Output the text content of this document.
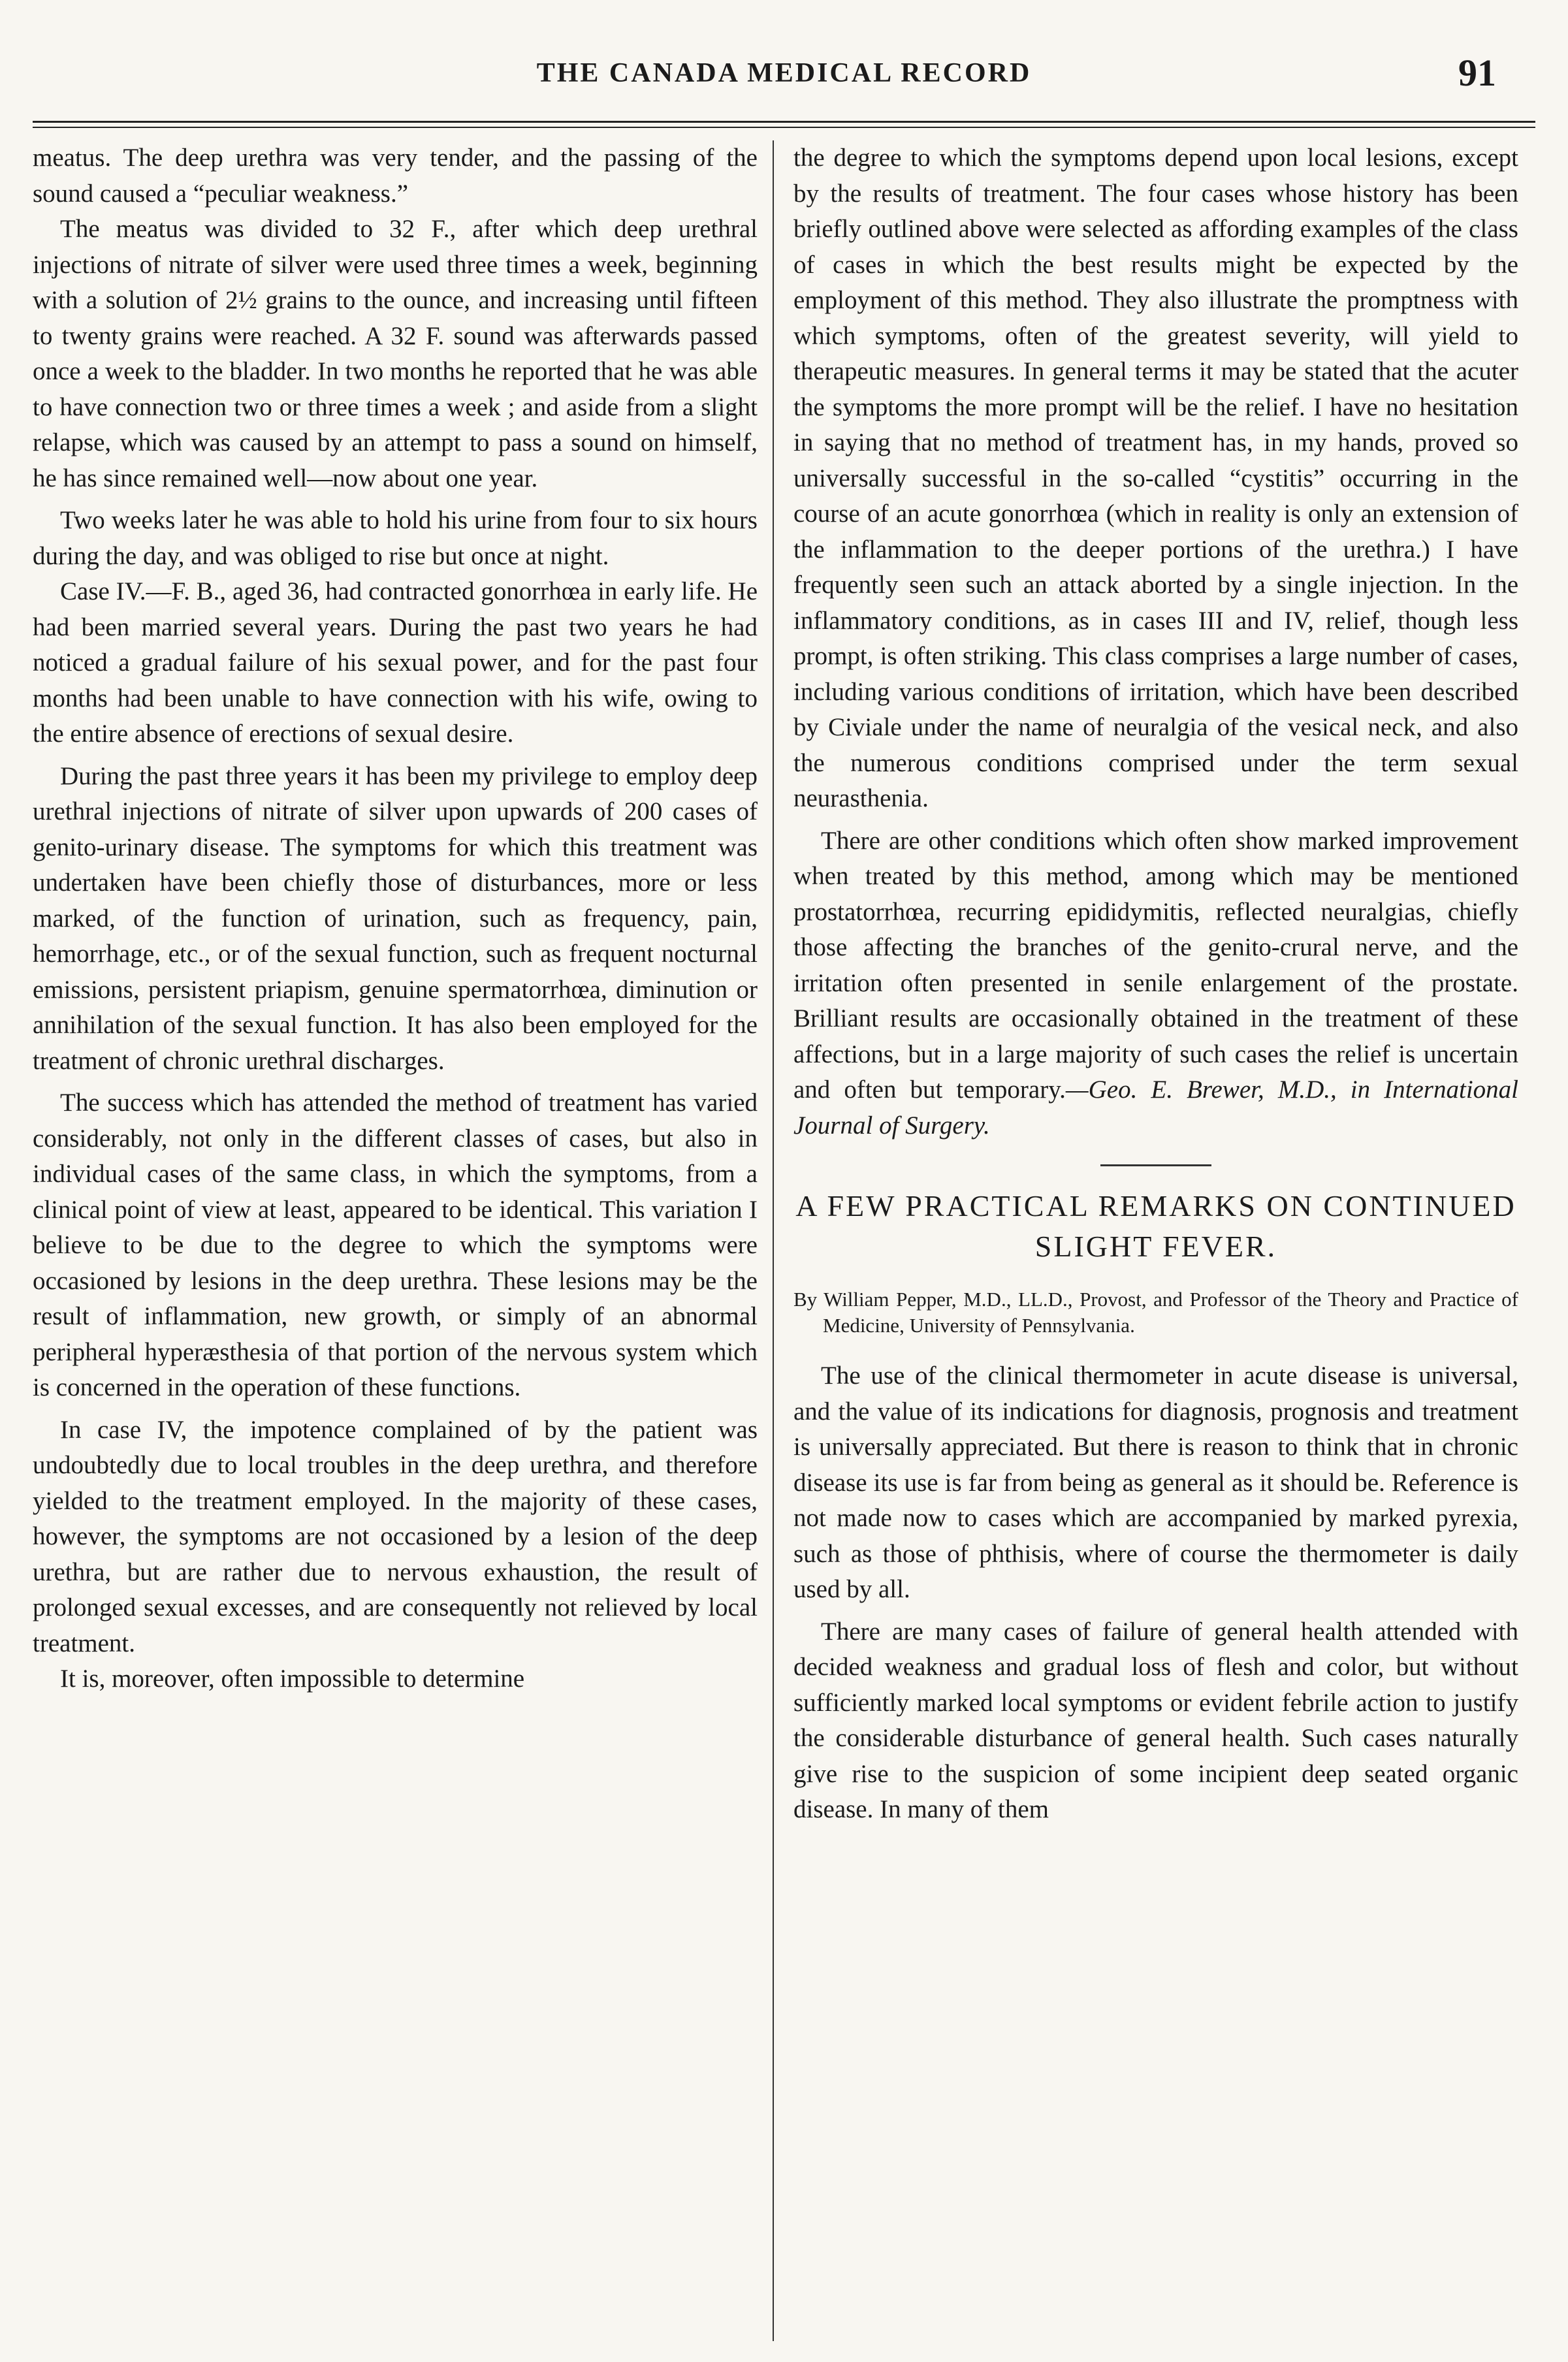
THE CANADA MEDICAL RECORD	91

meatus. The deep urethra was very tender, and the passing of the sound caused a “peculiar weakness.”

The meatus was divided to 32 F., after which deep urethral injections of nitrate of silver were used three times a week, beginning with a solution of 2½ grains to the ounce, and increasing until fifteen to twenty grains were reached. A 32 F. sound was afterwards passed once a week to the bladder. In two months he reported that he was able to have connection two or three times a week ; and aside from a slight relapse, which was caused by an attempt to pass a sound on himself, he has since remained well—now about one year.

Two weeks later he was able to hold his urine from four to six hours during the day, and was obliged to rise but once at night.

Case IV.—F. B., aged 36, had contracted gonorrhœa in early life. He had been married several years. During the past two years he had noticed a gradual failure of his sexual power, and for the past four months had been unable to have connection with his wife, owing to the entire absence of erections of sexual desire.

During the past three years it has been my privilege to employ deep urethral injections of nitrate of silver upon upwards of 200 cases of genito-urinary disease. The symptoms for which this treatment was undertaken have been chiefly those of disturbances, more or less marked, of the function of urination, such as frequency, pain, hemorrhage, etc., or of the sexual function, such as frequent nocturnal emissions, persistent priapism, genuine spermatorrhœa, diminution or annihilation of the sexual function. It has also been employed for the treatment of chronic urethral discharges.

The success which has attended the method of treatment has varied considerably, not only in the different classes of cases, but also in individual cases of the same class, in which the symptoms, from a clinical point of view at least, appeared to be identical. This variation I believe to be due to the degree to which the symptoms were occasioned by lesions in the deep urethra. These lesions may be the result of inflammation, new growth, or simply of an abnormal peripheral hyperæsthesia of that portion of the nervous system which is concerned in the operation of these functions.

In case IV, the impotence complained of by the patient was undoubtedly due to local troubles in the deep urethra, and therefore yielded to the treatment employed. In the majority of these cases, however, the symptoms are not occasioned by a lesion of the deep urethra, but are rather due to nervous exhaustion, the result of prolonged sexual excesses, and are consequently not relieved by local treatment.

It is, moreover, often impossible to determine

the degree to which the symptoms depend upon local lesions, except by the results of treatment. The four cases whose history has been briefly outlined above were selected as affording examples of the class of cases in which the best results might be expected by the employment of this method. They also illustrate the promptness with which symptoms, often of the greatest severity, will yield to therapeutic measures. In general terms it may be stated that the acuter the symptoms the more prompt will be the relief. I have no hesitation in saying that no method of treatment has, in my hands, proved so universally successful in the so-called “cystitis” occurring in the course of an acute gonorrhœa (which in reality is only an extension of the inflammation to the deeper portions of the urethra.) I have frequently seen such an attack aborted by a single injection. In the inflammatory conditions, as in cases III and IV, relief, though less prompt, is often striking. This class comprises a large number of cases, including various conditions of irritation, which have been described by Civiale under the name of neuralgia of the vesical neck, and also the numerous conditions comprised under the term sexual neurasthenia.

There are other conditions which often show marked improvement when treated by this method, among which may be mentioned prostatorrhœa, recurring epididymitis, reflected neuralgias, chiefly those affecting the branches of the genito-crural nerve, and the irritation often presented in senile enlargement of the prostate. Brilliant results are occasionally obtained in the treatment of these affections, but in a large majority of such cases the relief is uncertain and often but temporary.—Geo. E. Brewer, M.D., in International Journal of Surgery.

A FEW PRACTICAL REMARKS ON CONTINUED SLIGHT FEVER.
By William Pepper, M.D., LL.D., Provost, and Professor of the Theory and Practice of Medicine, University of Pennsylvania.

The use of the clinical thermometer in acute disease is universal, and the value of its indications for diagnosis, prognosis and treatment is universally appreciated. But there is reason to think that in chronic disease its use is far from being as general as it should be. Reference is not made now to cases which are accompanied by marked pyrexia, such as those of phthisis, where of course the thermometer is daily used by all.

There are many cases of failure of general health attended with decided weakness and gradual loss of flesh and color, but without sufficiently marked local symptoms or evident febrile action to justify the considerable disturbance of general health. Such cases naturally give rise to the suspicion of some incipient deep seated organic disease. In many of them
